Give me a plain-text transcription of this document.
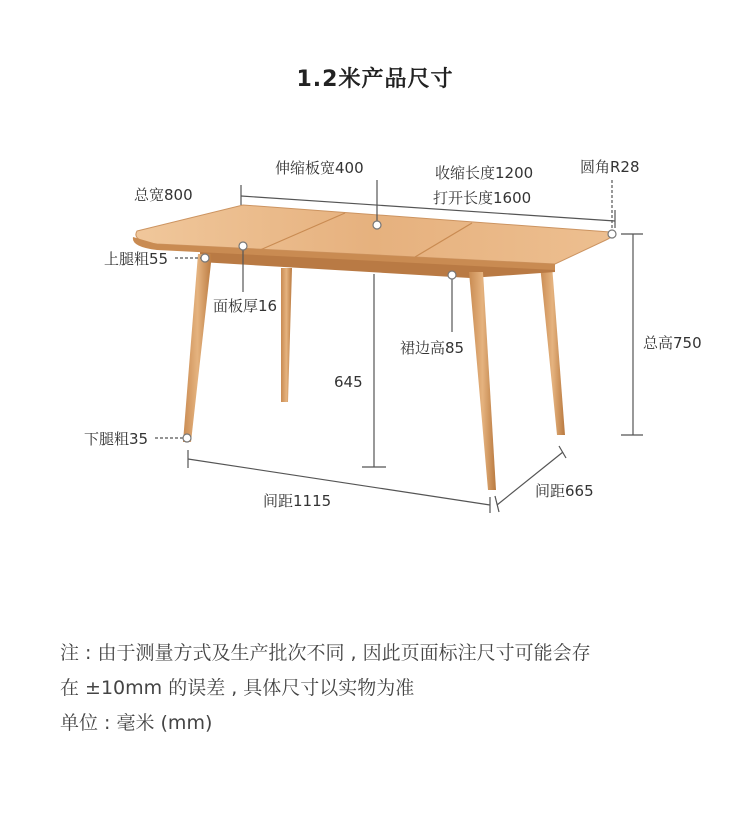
1.2米产品尺寸
伸缩板宽400	收缩长度1200
打开长度1600
圆角R28
总宽800
上腿粗55
面板厚16
裙边高85
645
总高750
下腿粗35
间距1115
间距665
注 : 由于测量方式及生产批次不同 , 因此页面标注尺寸可能会存
在 ±10mm 的误差 , 具体尺寸以实物为准
单位 : 毫米 (mm)
